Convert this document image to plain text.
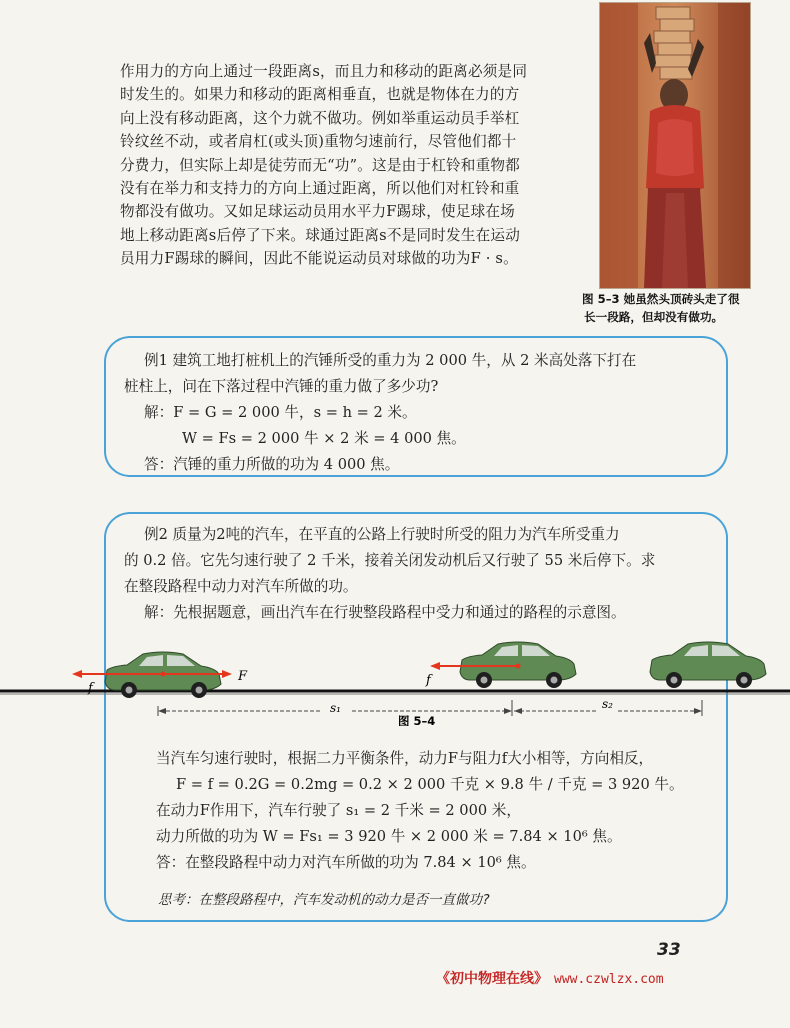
作用力的方向上通过一段距离s，而且力和移动的距离必须是同

时发生的。如果力和移动的距离相垂直，也就是物体在力的方

向上没有移动距离，这个力就不做功。例如举重运动员手举杠

铃纹丝不动，或者肩杠(或头顶)重物匀速前行，尽管他们都十

分费力，但实际上却是徒劳而无“功”。这是由于杠铃和重物都

没有在举力和支持力的方向上通过距离，所以他们对杠铃和重

物都没有做功。又如足球运动员用水平力F踢球，使足球在场

地上移动距离s后停了下来。球通过距离s不是同时发生在运动

员用力F踢球的瞬间，因此不能说运动员对球做的功为F · s。

图 5–3 她虽然头顶砖头走了很
长一段路，但却没有做功。

例1 建筑工地打桩机上的汽锤所受的重力为 2 000 牛，从 2 米高处落下打在

桩柱上，问在下落过程中汽锤的重力做了多少功?

解：F = G = 2 000 牛，s = h = 2 米。

W = Fs = 2 000 牛 × 2 米 = 4 000 焦。

答：汽锤的重力所做的功为 4 000 焦。

例2 质量为2吨的汽车，在平直的公路上行驶时所受的阻力为汽车所受重力

的 0.2 倍。它先匀速行驶了 2 千米，接着关闭发动机后又行驶了 55 米后停下。求

在整段路程中动力对汽车所做的功。

解：先根据题意，画出汽车在行驶整段路程中受力和通过的路程的示意图。

当汽车匀速行驶时，根据二力平衡条件，动力F与阻力f大小相等，方向相反，

F = f = 0.2G = 0.2mg = 0.2 × 2 000 千克 × 9.8 牛 / 千克 = 3 920 牛。

在动力F作用下，汽车行驶了 s₁ = 2 千米 = 2 000 米，

动力所做的功为 W = Fs₁ = 3 920 牛 × 2 000 米 = 7.84 × 10⁶ 焦。

答：在整段路程中动力对汽车所做的功为 7.84 × 10⁶ 焦。

思考：在整段路程中，汽车发动机的动力是否一直做功?
f
F	f
s₁	s₂
图 5–4
33
《初中物理在线》 www.czwlzx.com
